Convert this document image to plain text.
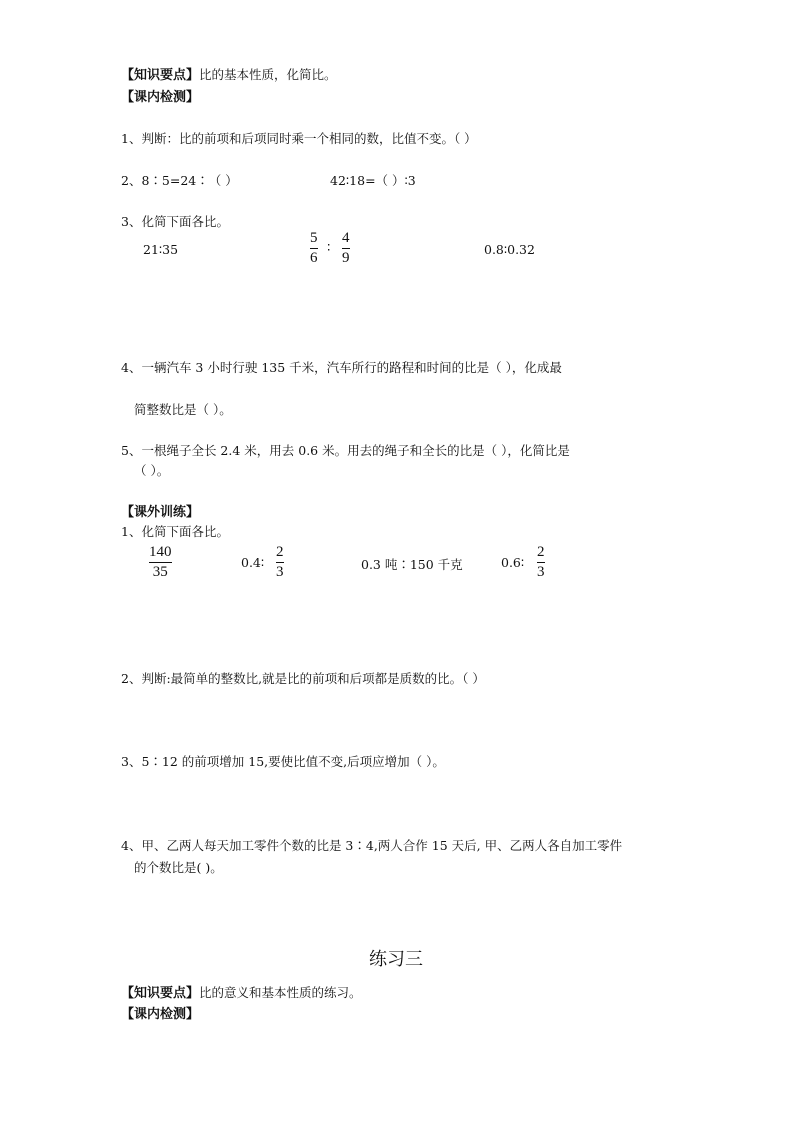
【知识要点】比的基本性质，化简比。
【课内检测】
1、判断：比的前项和后项同时乘一个相同的数，比值不变。（ ）
2、8∶5=24∶（ ）	42∶18=（ ）∶3
3、化简下面各比。
21∶35
5
6
∶
4
9
0.8∶0.32
4、一辆汽车 3 小时行驶 135 千米，汽车所行的路程和时间的比是（ ），化成最
简整数比是（ ）。
5、一根绳子全长 2.4 米，用去 0.6 米。用去的绳子和全长的比是（ ），化简比是
（ ）。
【课外训练】
1、化简下面各比。
140
35
0.4∶
2
3	0.3 吨∶150 千克	0.6∶
2
3
2、判断:最简单的整数比,就是比的前项和后项都是质数的比。（ ）
3、5∶12 的前项增加 15,要使比值不变,后项应增加（ ）。
4、甲、乙两人每天加工零件个数的比是 3∶4,两人合作 15 天后, 甲、乙两人各自加工零件
的个数比是( )。
练习三
【知识要点】比的意义和基本性质的练习。
【课内检测】
